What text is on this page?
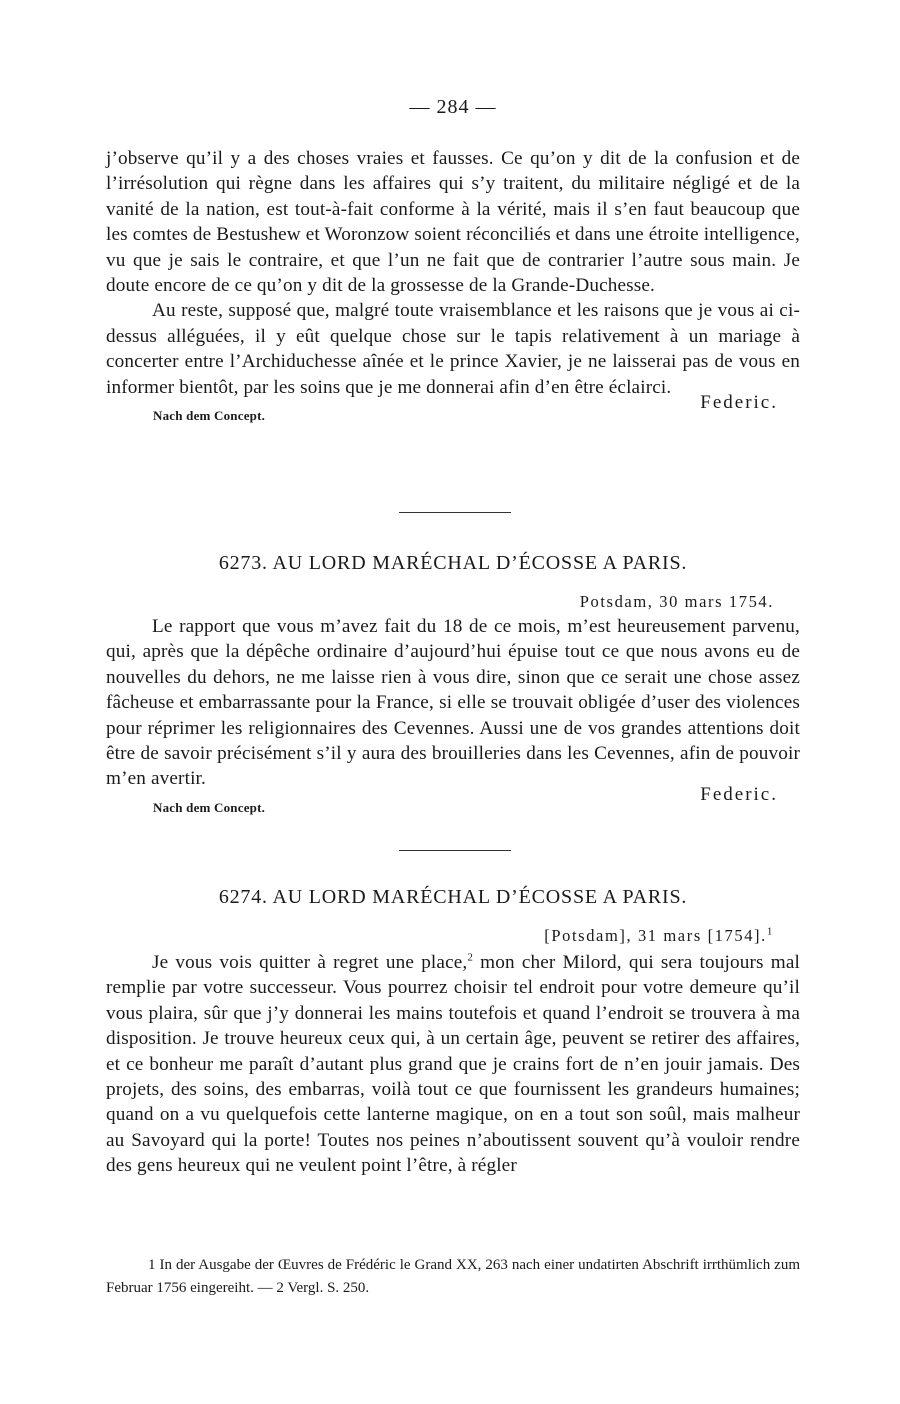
— 284 —

j’observe qu’il y a des choses vraies et fausses. Ce qu’on y dit de la confusion et de l’irrésolution qui règne dans les affaires qui s’y traitent, du militaire négligé et de la vanité de la nation, est tout-à-fait conforme à la vérité, mais il s’en faut beaucoup que les comtes de Bestushew et Woronzow soient réconciliés et dans une étroite intelligence, vu que je sais le contraire, et que l’un ne fait que de contrarier l’autre sous main. Je doute encore de ce qu’on y dit de la grossesse de la Grande-Duchesse.

Au reste, supposé que, malgré toute vraisemblance et les raisons que je vous ai ci-dessus alléguées, il y eût quelque chose sur le tapis relativement à un mariage à concerter entre l’Archiduchesse aînée et le prince Xavier, je ne laisserai pas de vous en informer bientôt, par les soins que je me donnerai afin d’en être éclairci.

Federic.
Nach dem Concept.
6273. AU LORD MARÉCHAL D’ÉCOSSE A PARIS.
Potsdam, 30 mars 1754.

Le rapport que vous m’avez fait du 18 de ce mois, m’est heureusement parvenu, qui, après que la dépêche ordinaire d’aujourd’hui épuise tout ce que nous avons eu de nouvelles du dehors, ne me laisse rien à vous dire, sinon que ce serait une chose assez fâcheuse et embarrassante pour la France, si elle se trouvait obligée d’user des violences pour réprimer les religionnaires des Cevennes. Aussi une de vos grandes attentions doit être de savoir précisément s’il y aura des brouilleries dans les Cevennes, afin de pouvoir m’en avertir.

Federic.
Nach dem Concept.
6274. AU LORD MARÉCHAL D’ÉCOSSE A PARIS.
[Potsdam], 31 mars [1754].$^1$

Je vous vois quitter à regret une place,$^2$ mon cher Milord, qui sera toujours mal remplie par votre successeur. Vous pourrez choisir tel endroit pour votre demeure qu’il vous plaira, sûr que j’y donnerai les mains toutefois et quand l’endroit se trouvera à ma disposition. Je trouve heureux ceux qui, à un certain âge, peuvent se retirer des affaires, et ce bonheur me paraît d’autant plus grand que je crains fort de n’en jouir jamais. Des projets, des soins, des embarras, voilà tout ce que fournissent les grandeurs humaines; quand on a vu quelquefois cette lanterne magique, on en a tout son soûl, mais malheur au Savoyard qui la porte! Toutes nos peines n’aboutissent souvent qu’à vouloir rendre des gens heureux qui ne veulent point l’être, à régler

1 In der Ausgabe der Œuvres de Frédéric le Grand XX, 263 nach einer undatirten Abschrift irrthümlich zum Februar 1756 eingereiht. — 2 Vergl. S. 250.
